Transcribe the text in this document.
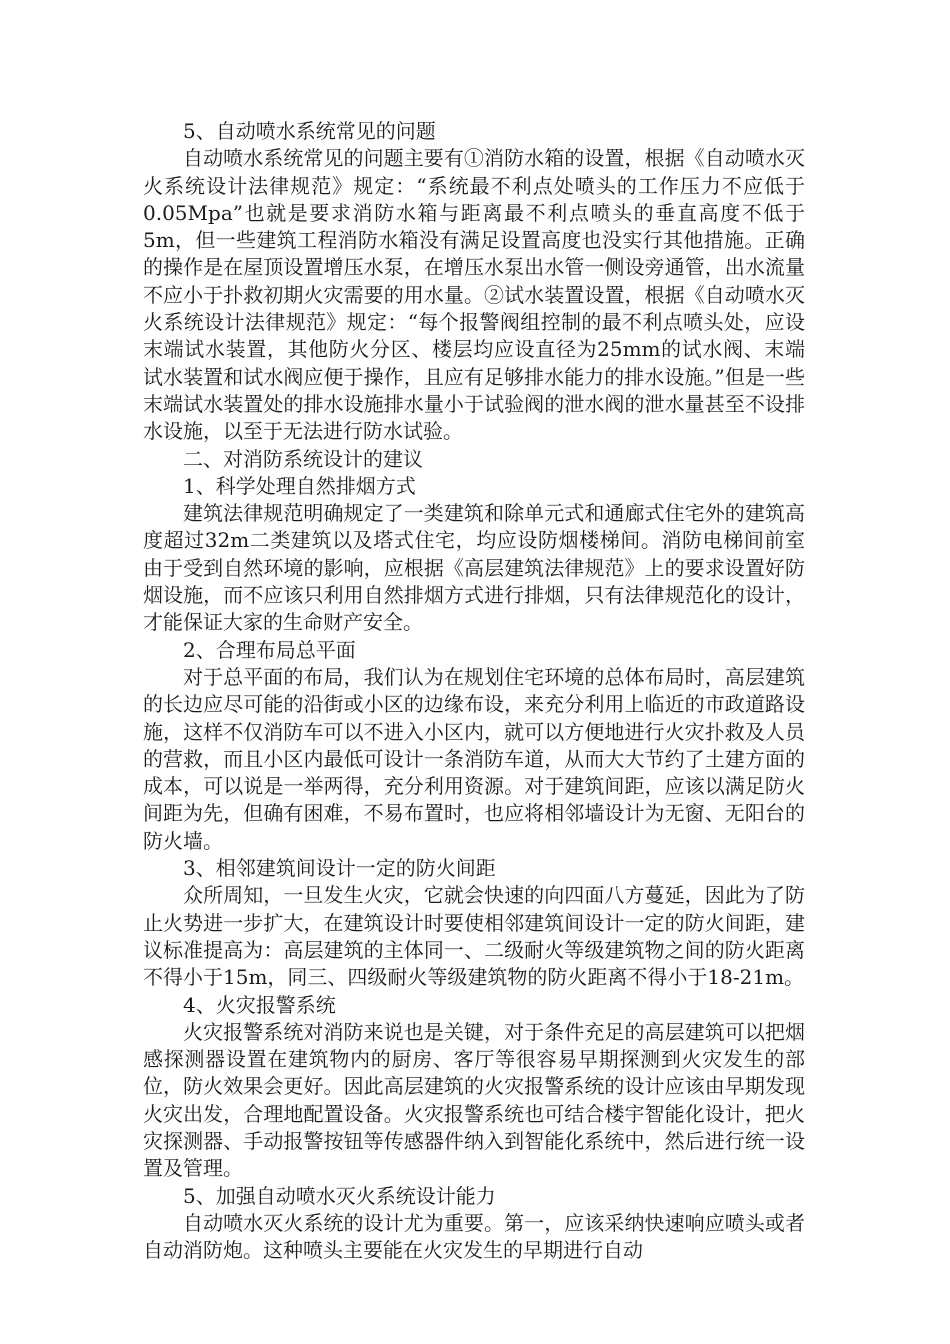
5、自动喷水系统常见的问题

自动喷水系统常见的问题主要有①消防水箱的设置，根据《自动喷水灭火系统设计法律规范》规定：“系统最不利点处喷头的工作压力不应低于0.05Mpa”也就是要求消防水箱与距离最不利点喷头的垂直高度不低于5m，但一些建筑工程消防水箱没有满足设置高度也没实行其他措施。正确的操作是在屋顶设置增压水泵，在增压水泵出水管一侧设旁通管，出水流量不应小于扑救初期火灾需要的用水量。②试水装置设置，根据《自动喷水灭火系统设计法律规范》规定：“每个报警阀组控制的最不利点喷头处，应设末端试水装置，其他防火分区、楼层均应设直径为25mm的试水阀、末端试水装置和试水阀应便于操作，且应有足够排水能力的排水设施。”但是一些末端试水装置处的排水设施排水量小于试验阀的泄水阀的泄水量甚至不设排水设施，以至于无法进行防水试验。

二、对消防系统设计的建议

1、科学处理自然排烟方式

建筑法律规范明确规定了一类建筑和除单元式和通廊式住宅外的建筑高度超过32m二类建筑以及塔式住宅，均应设防烟楼梯间。消防电梯间前室由于受到自然环境的影响，应根据《高层建筑法律规范》上的要求设置好防烟设施，而不应该只利用自然排烟方式进行排烟，只有法律规范化的设计，才能保证大家的生命财产安全。

2、合理布局总平面

对于总平面的布局，我们认为在规划住宅环境的总体布局时，高层建筑的长边应尽可能的沿街或小区的边缘布设，来充分利用上临近的市政道路设施，这样不仅消防车可以不进入小区内，就可以方便地进行火灾扑救及人员的营救，而且小区内最低可设计一条消防车道，从而大大节约了土建方面的成本，可以说是一举两得，充分利用资源。对于建筑间距，应该以满足防火间距为先，但确有困难，不易布置时，也应将相邻墙设计为无窗、无阳台的防火墙。

3、相邻建筑间设计一定的防火间距

众所周知，一旦发生火灾，它就会快速的向四面八方蔓延，因此为了防止火势进一步扩大，在建筑设计时要使相邻建筑间设计一定的防火间距，建议标准提高为：高层建筑的主体同一、二级耐火等级建筑物之间的防火距离不得小于15m，同三、四级耐火等级建筑物的防火距离不得小于18-21m。

4、火灾报警系统

火灾报警系统对消防来说也是关键，对于条件充足的高层建筑可以把烟感探测器设置在建筑物内的厨房、客厅等很容易早期探测到火灾发生的部位，防火效果会更好。因此高层建筑的火灾报警系统的设计应该由早期发现火灾出发，合理地配置设备。火灾报警系统也可结合楼宇智能化设计，把火灾探测器、手动报警按钮等传感器件纳入到智能化系统中，然后进行统一设置及管理。

5、加强自动喷水灭火系统设计能力

自动喷水灭火系统的设计尤为重要。第一，应该采纳快速响应喷头或者自动消防炮。这种喷头主要能在火灾发生的早期进行自动
